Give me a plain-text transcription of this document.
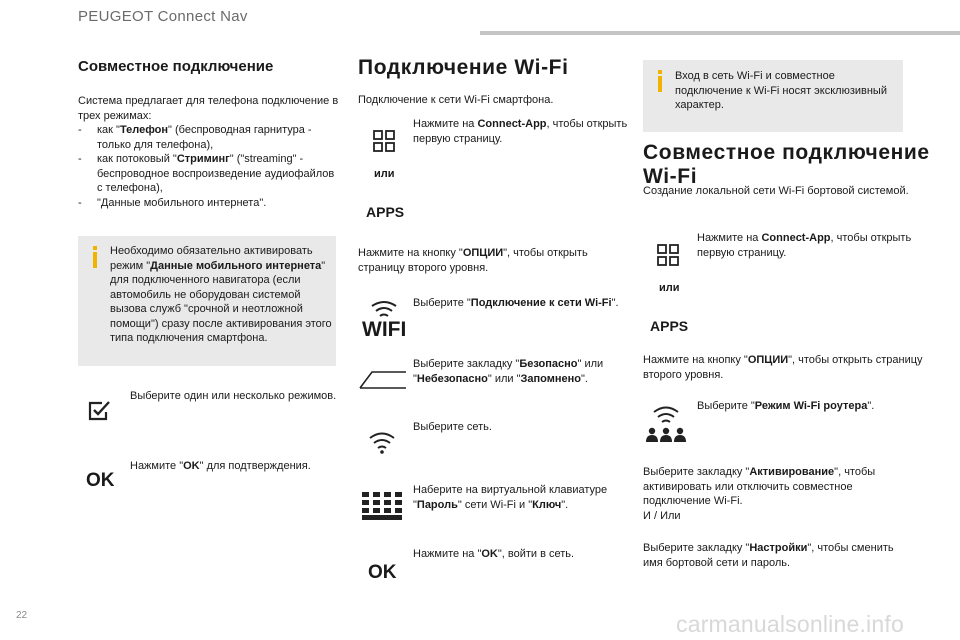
PEUGEOT Connect Nav
Совместное подключение
Система предлагает для телефона подключение в трех режимах:
- как "Телефон" (беспроводная гарнитура - только для телефона),
- как потоковый "Стриминг" ("streaming" - беспроводное воспроизведение аудиофайлов с телефона),
- "Данные мобильного интернета".
Необходимо обязательно активировать режим "Данные мобильного интернета" для подключенного навигатора (если автомобиль не оборудован системой вызова служб "срочной и неотложной помощи") сразу после активирования этого типа подключения смартфона.
Выберите один или несколько режимов.
OK
Нажмите "OK" для подтверждения.
Подключение Wi-Fi
Подключение к сети Wi-Fi смартфона.
или
APPS
Нажмите на Connect-App, чтобы открыть первую страницу.
Нажмите на кнопку "ОПЦИИ", чтобы открыть страницу второго уровня.
WIFI
Выберите "Подключение к сети Wi-Fi".
Выберите закладку "Безопасно" или "Небезопасно" или "Запомнено".
Выберите сеть.
Наберите на виртуальной клавиатуре "Пароль" сети Wi-Fi и "Ключ".
OK
Нажмите на "OK", войти в сеть.
Вход в сеть Wi-Fi и совместное подключение к Wi-Fi носят эксклюзивный характер.
Совместное подключение Wi-Fi
Создание локальной сети Wi-Fi бортовой системой.
или
APPS
Нажмите на Connect-App, чтобы открыть первую страницу.
Нажмите на кнопку "ОПЦИИ", чтобы открыть страницу второго уровня.
Выберите "Режим Wi-Fi роутера".
Выберите закладку "Активирование", чтобы активировать или отключить совместное подключение Wi-Fi.
И / Или
Выберите закладку "Настройки", чтобы сменить имя бортовой сети и пароль.
22	carmanualsonline.info
